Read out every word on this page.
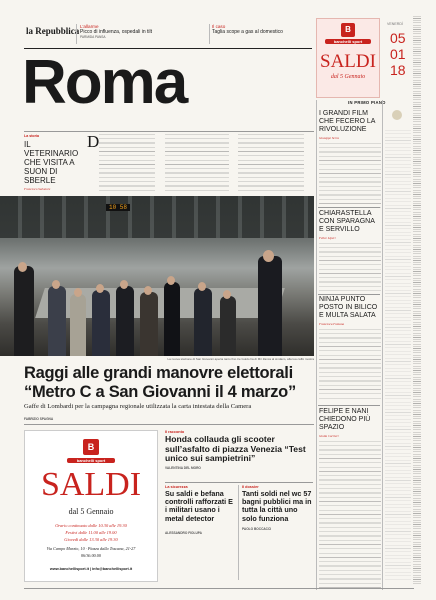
la Repubblica L'allarme
Picco di influenza, ospedali in tilt
PARMIDA PANSA
Il caso
Taglia scope a gas al domestico
Roma
B
banchelli sport
SALDI
dal 5 Gennaio
VENERDÌ
05
01
18
IN PRIMO PIANO
La storia
IL VETERINARIO CHE VISITA A SUON DI SBERLE
Francesco Salvatore
D
10 58
La nuova stazione di San Giovanni aperta tanto fino tre Guido ha di Mir Zanca al sindaco, alla tua caffè mostra
Raggi alle grandi manovre elettorali “Metro C a San Giovanni il 4 marzo”
Gaffe di Lombardi per la campagna regionale utilizzata la carta intestata della Camera
FABRIZIO SPAGNA
I GRANDI FILM CHE FECERO LA RIVOLUZIONE
Giuseppe Serra
CHIARASTELLA CON SPARAGNA E SERVILLO
Felice Liperi
NINJA PUNTO POSTO IN BILICO E MULTA SALATA
Francesca Fontana
FELIPE E NANI CHIEDONO PIÙ SPAZIO
Giulia Carrieri
B
banchelli sport
SALDI
dal 5 Gennaio
Orario continuato dalle 10.30 alle 19.30
Festivi dalle 11.00 alle 19.00
Giovedì dalle 13.30 alle 19.30
Via Campo Marzio, 10 · Piazza dalla Toscana, 21-27
06/36.00.00
www.banchellisport.it | info@banchellisport.it
Il racconto
Honda collauda gli scooter sull’asfalto di piazza Venezia “Test unico sui sampietrini”
VALENTINA DEL MORO
La sicurezza
Su saldi e befana controlli rafforzati E i militari usano i metal detector
ALESSANDRO FIOLUPA
Il dossier
Tanti soldi nel wc 57 bagni pubblici ma in tutta la città uno solo funziona
PAOLO BOCCACCI
